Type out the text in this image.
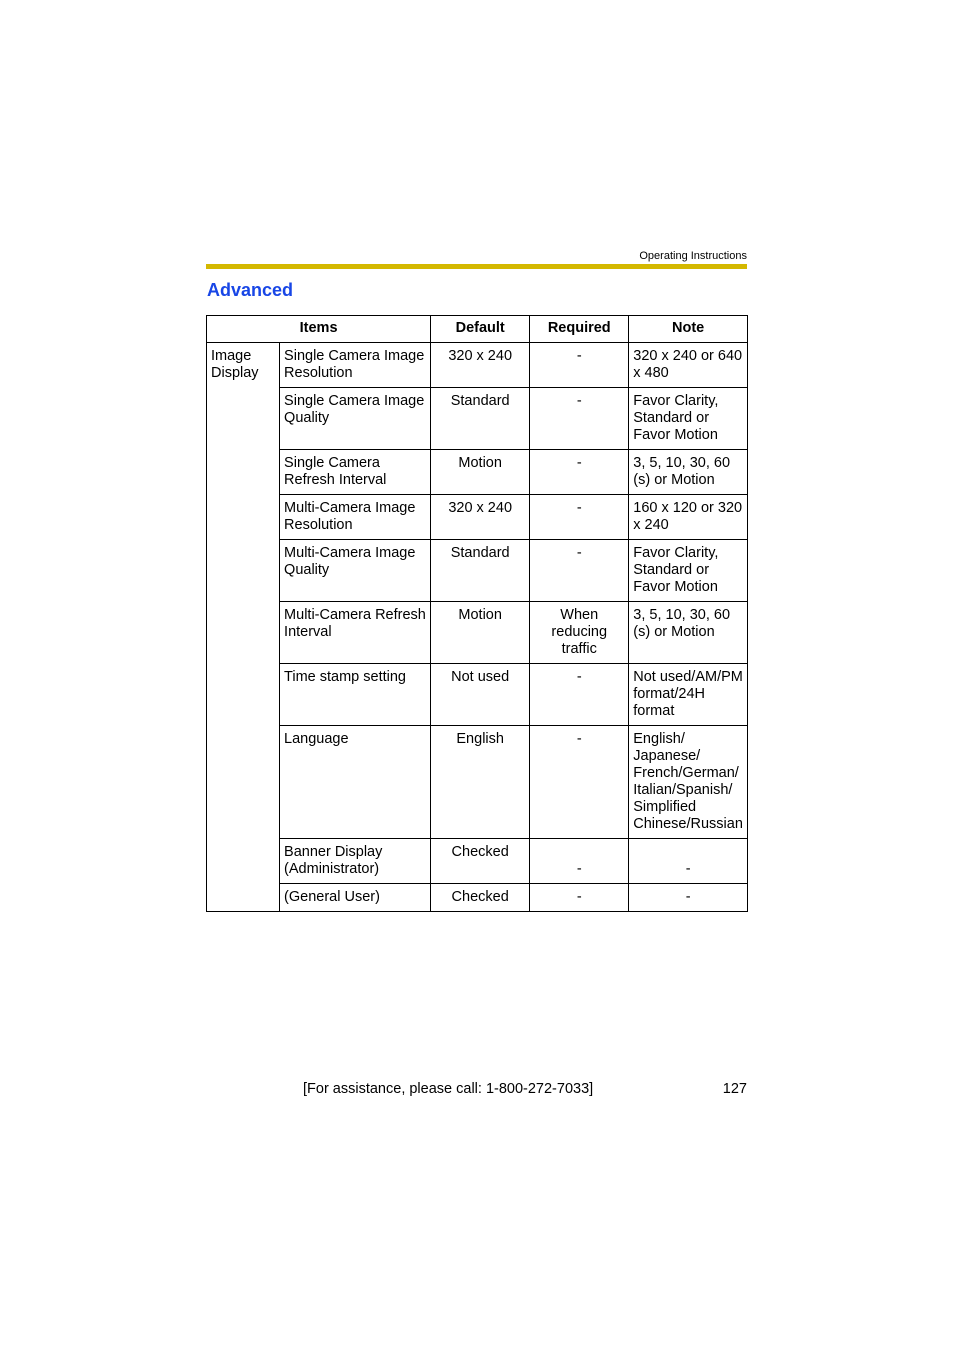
Operating Instructions
Advanced
Items		Default	Required	Note

Image Display	Single Camera Image Resolution	320 x 240	-	320 x 240 or 640 x 480

	Single Camera Image Quality	Standard	-	Favor Clarity, Standard or Favor Motion

	Single Camera Refresh Interval	Motion	-	3, 5, 10, 30, 60 (s) or Motion

	Multi-Camera Image Resolution	320 x 240	-	160 x 120 or 320 x 240

	Multi-Camera Image Quality	Standard	-	Favor Clarity, Standard or Favor Motion

	Multi-Camera Refresh Interval	Motion	When reducing traffic	3, 5, 10, 30, 60 (s) or Motion

	Time stamp setting	Not used	-	Not used/AM/PM format/24H format

	Language	English	-	English/ Japanese/ French/German/ Italian/Spanish/ Simplified Chinese/Russian

	Banner Display (Administrator)	Checked	-	-

	(General User)	Checked	-	-
[For assistance, please call: 1-800-272-7033]	127
